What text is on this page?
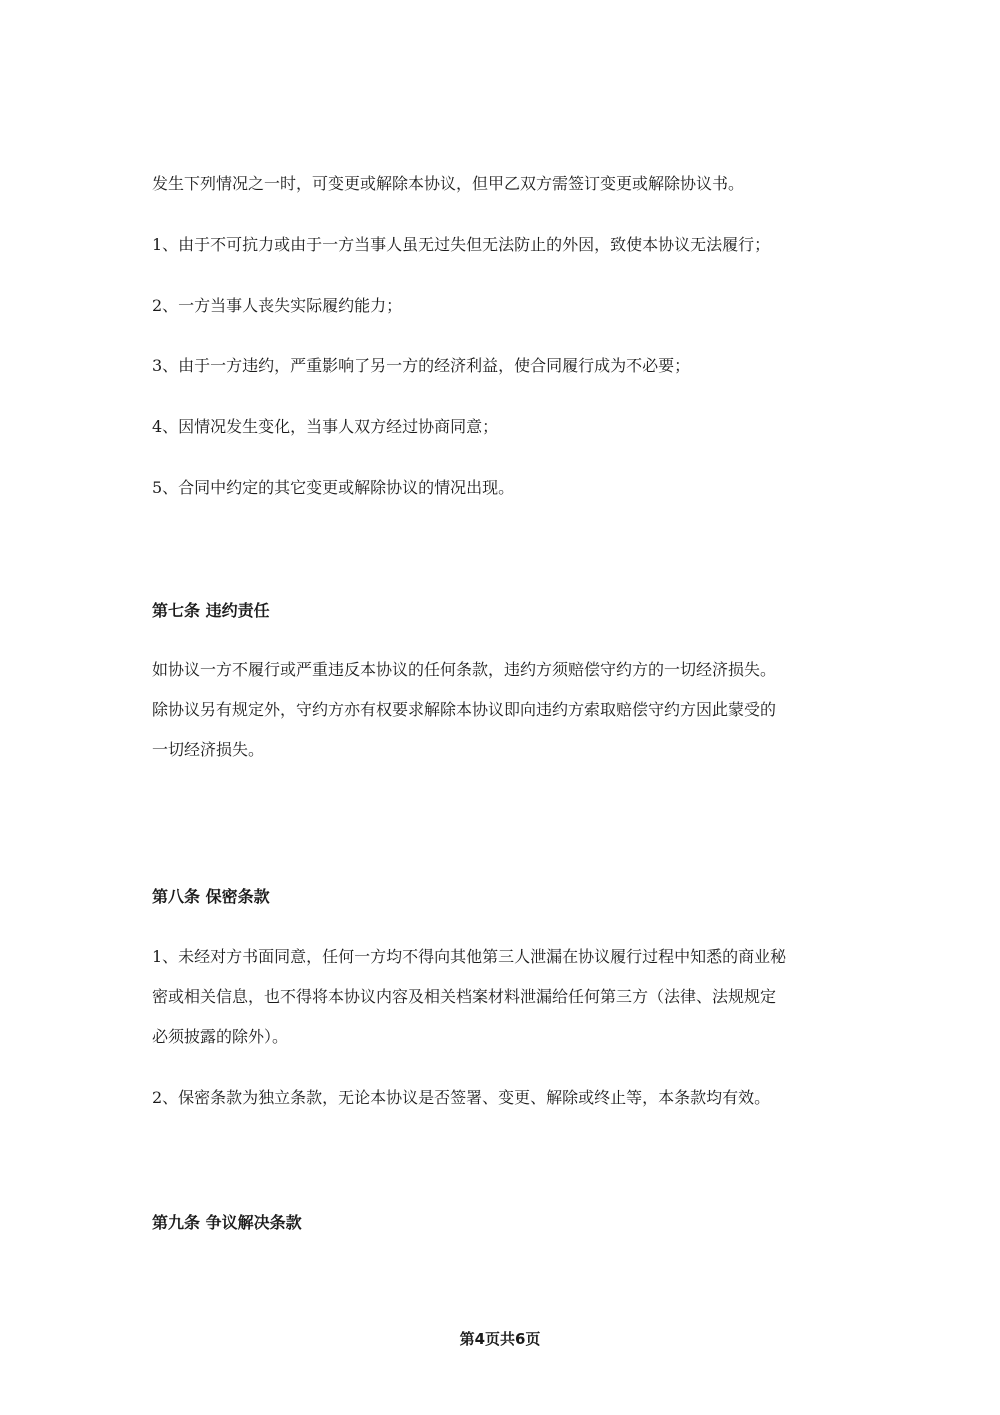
发生下列情况之一时，可变更或解除本协议，但甲乙双方需签订变更或解除协议书。

1、由于不可抗力或由于一方当事人虽无过失但无法防止的外因，致使本协议无法履行；

2、一方当事人丧失实际履约能力；

3、由于一方违约，严重影响了另一方的经济利益，使合同履行成为不必要；

4、因情况发生变化，当事人双方经过协商同意；

5、合同中约定的其它变更或解除协议的情况出现。

第七条 违约责任

如协议一方不履行或严重违反本协议的任何条款，违约方须赔偿守约方的一切经济损失。

除协议另有规定外，守约方亦有权要求解除本协议即向违约方索取赔偿守约方因此蒙受的

一切经济损失。

第八条 保密条款

1、未经对方书面同意，任何一方均不得向其他第三人泄漏在协议履行过程中知悉的商业秘

密或相关信息，也不得将本协议内容及相关档案材料泄漏给任何第三方（法律、法规规定

必须披露的除外）。

2、保密条款为独立条款，无论本协议是否签署、变更、解除或终止等，本条款均有效。

第九条 争议解决条款
第4页共6页
